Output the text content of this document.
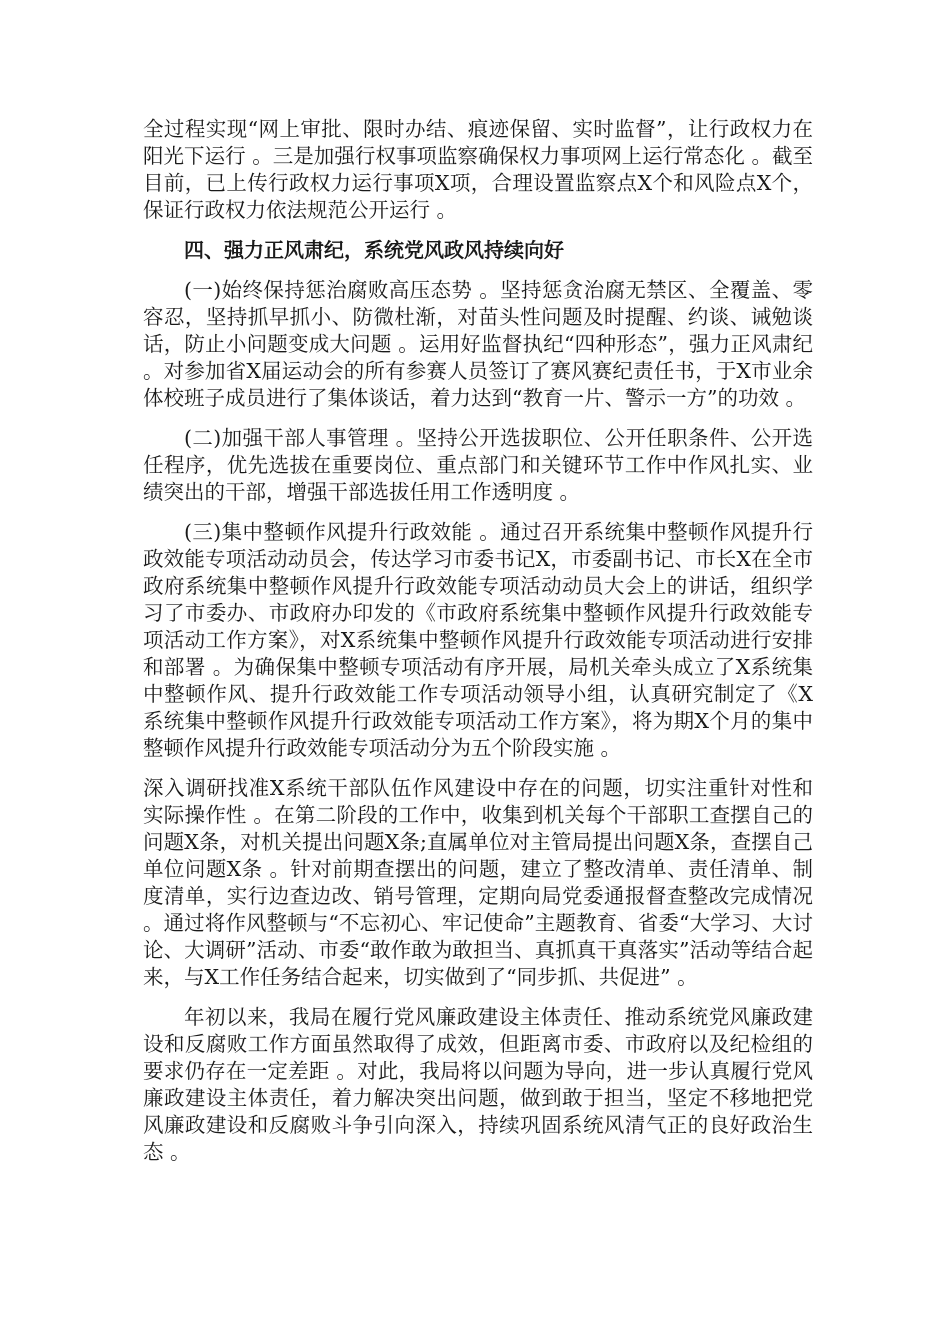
全过程实现“网上审批、限时办结、痕迹保留、实时监督”，让行政权力在阳光下运行 。三是加强行权事项监察确保权力事项网上运行常态化 。截至目前，已上传行政权力运行事项X项，合理设置监察点X个和风险点X个，保证行政权力依法规范公开运行 。

四、强力正风肃纪，系统党风政风持续向好

(一)始终保持惩治腐败高压态势 。坚持惩贪治腐无禁区、全覆盖、零容忍，坚持抓早抓小、防微杜渐，对苗头性问题及时提醒、约谈、诫勉谈话，防止小问题变成大问题 。运用好监督执纪“四种形态”，强力正风肃纪 。对参加省X届运动会的所有参赛人员签订了赛风赛纪责任书，于X市业余体校班子成员进行了集体谈话，着力达到“教育一片、警示一方”的功效 。

(二)加强干部人事管理 。坚持公开选拔职位、公开任职条件、公开选任程序，优先选拔在重要岗位、重点部门和关键环节工作中作风扎实、业绩突出的干部，增强干部选拔任用工作透明度 。

(三)集中整顿作风提升行政效能 。通过召开系统集中整顿作风提升行政效能专项活动动员会，传达学习市委书记X，市委副书记、市长X在全市政府系统集中整顿作风提升行政效能专项活动动员大会上的讲话，组织学习了市委办、市政府办印发的《市政府系统集中整顿作风提升行政效能专项活动工作方案》，对X系统集中整顿作风提升行政效能专项活动进行安排和部署 。为确保集中整顿专项活动有序开展，局机关牵头成立了X系统集中整顿作风、提升行政效能工作专项活动领导小组，认真研究制定了《X系统集中整顿作风提升行政效能专项活动工作方案》，将为期X个月的集中整顿作风提升行政效能专项活动分为五个阶段实施 。

深入调研找准X系统干部队伍作风建设中存在的问题，切实注重针对性和实际操作性 。在第二阶段的工作中，收集到机关每个干部职工查摆自己的问题X条，对机关提出问题X条;直属单位对主管局提出问题X条，查摆自己单位问题X条 。针对前期查摆出的问题，建立了整改清单、责任清单、制度清单，实行边查边改、销号管理，定期向局党委通报督查整改完成情况 。通过将作风整顿与“不忘初心、牢记使命”主题教育、省委“大学习、大讨论、大调研”活动、市委“敢作敢为敢担当、真抓真干真落实”活动等结合起来，与X工作任务结合起来，切实做到了“同步抓、共促进” 。

年初以来，我局在履行党风廉政建设主体责任、推动系统党风廉政建设和反腐败工作方面虽然取得了成效，但距离市委、市政府以及纪检组的要求仍存在一定差距 。对此，我局将以问题为导向，进一步认真履行党风廉政建设主体责任，着力解决突出问题，做到敢于担当，坚定不移地把党风廉政建设和反腐败斗争引向深入，持续巩固系统风清气正的良好政治生态 。
